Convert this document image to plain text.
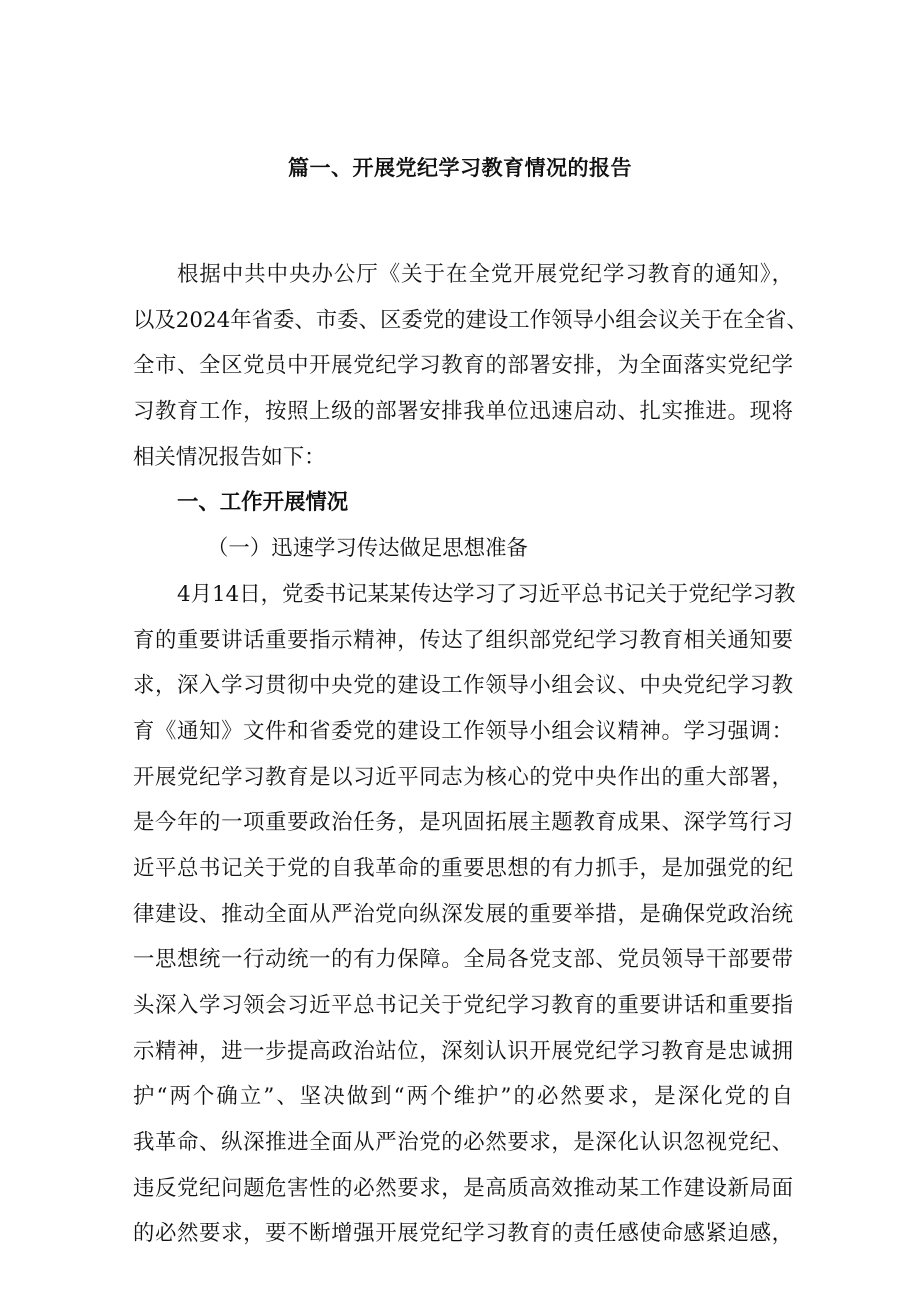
篇一、开展党纪学习教育情况的报告
根据中共中央办公厅《关于在全党开展党纪学习教育的通知》，
以及2024年省委、市委、区委党的建设工作领导小组会议关于在全省、
全市、全区党员中开展党纪学习教育的部署安排，为全面落实党纪学
习教育工作，按照上级的部署安排我单位迅速启动、扎实推进。现将
相关情况报告如下：
一、工作开展情况
（一）迅速学习传达做足思想准备
4月14日，党委书记某某传达学习了习近平总书记关于党纪学习教
育的重要讲话重要指示精神，传达了组织部党纪学习教育相关通知要
求，深入学习贯彻中央党的建设工作领导小组会议、中央党纪学习教
育《通知》文件和省委党的建设工作领导小组会议精神。学习强调：
开展党纪学习教育是以习近平同志为核心的党中央作出的重大部署，
是今年的一项重要政治任务，是巩固拓展主题教育成果、深学笃行习
近平总书记关于党的自我革命的重要思想的有力抓手，是加强党的纪
律建设、推动全面从严治党向纵深发展的重要举措，是确保党政治统
一思想统一行动统一的有力保障。全局各党支部、党员领导干部要带
头深入学习领会习近平总书记关于党纪学习教育的重要讲话和重要指
示精神，进一步提高政治站位，深刻认识开展党纪学习教育是忠诚拥
护“两个确立”、坚决做到“两个维护”的必然要求，是深化党的自
我革命、纵深推进全面从严治党的必然要求，是深化认识忽视党纪、
违反党纪问题危害性的必然要求，是高质高效推动某工作建设新局面
的必然要求，要不断增强开展党纪学习教育的责任感使命感紧迫感，
